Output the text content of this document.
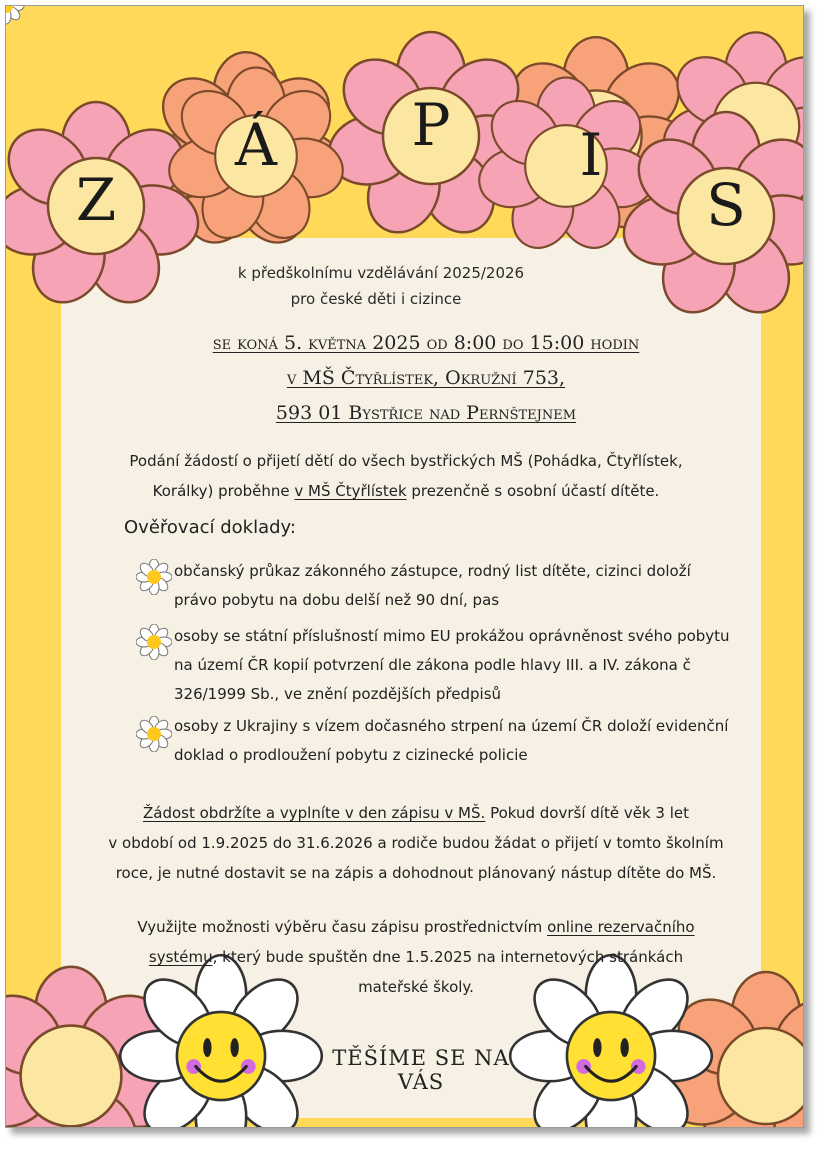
Z
Á	P	I
S
k předškolnímu vzdělávání 2025/2026
pro české děti i cizince
se koná 5. května 2025 od 8:00 do 15:00 hodin
v MŠ Čtyřlístek, Okružní 753,
593 01 Bystřice nad Pernštejnem
Podání žádostí o přijetí dětí do všech bystřických MŠ (Pohádka, Čtyřlístek,
Korálky) proběhne v MŠ Čtyřlístek prezenčně s osobní účastí dítěte.
Ověřovací doklady:
občanský průkaz zákonného zástupce, rodný list dítěte, cizinci doloží právo pobytu na dobu delší než 90 dní, pas
osoby se státní příslušností mimo EU prokážou oprávněnost svého pobytu na území ČR kopií potvrzení dle zákona podle hlavy III. a IV. zákona č 326/1999 Sb., ve znění pozdějších předpisů
osoby z Ukrajiny s vízem dočasného strpení na území ČR doloží evidenční doklad o prodloužení pobytu z cizinecké policie
Žádost obdržíte a vyplníte v den zápisu v MŠ. Pokud dovrší dítě věk 3 let
v období od 1.9.2025 do 31.6.2026 a rodiče budou žádat o přijetí v tomto školním
roce, je nutné dostavit se na zápis a dohodnout plánovaný nástup dítěte do MŠ.
Využijte možnosti výběru času zápisu prostřednictvím online rezervačního
systému, který bude spuštěn dne 1.5.2025 na internetových stránkách
mateřské školy.
TĚŠÍME SE NA VÁS
